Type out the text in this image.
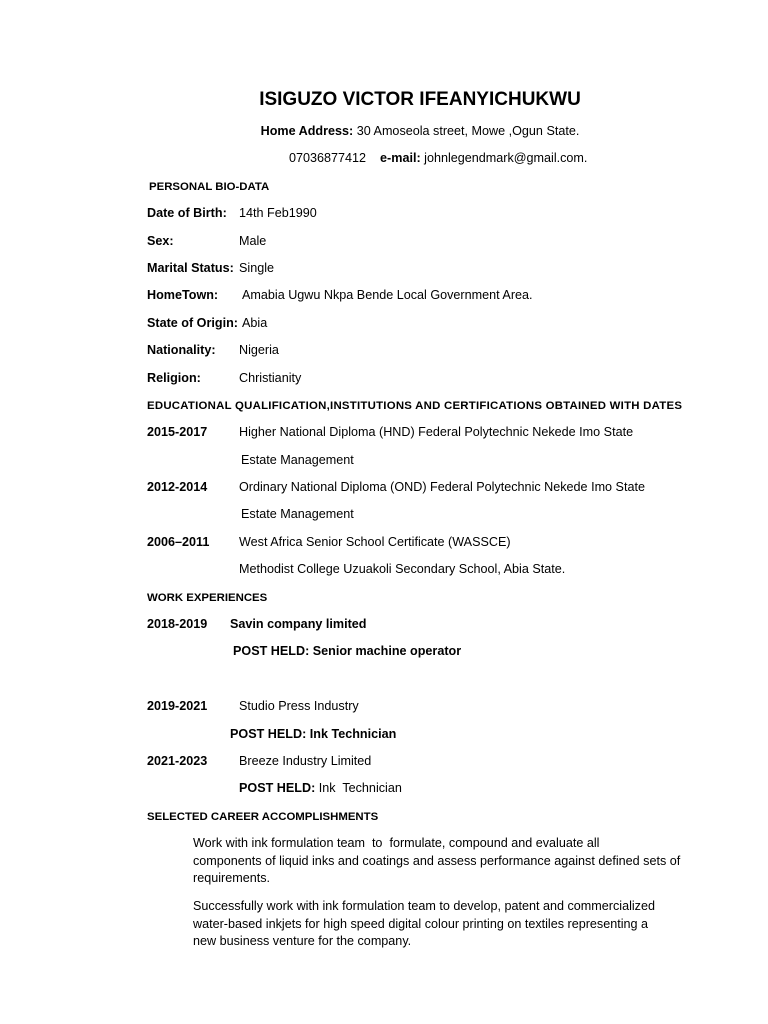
ISIGUZO VICTOR IFEANYICHUKWU
Home Address: 30 Amoseola street, Mowe ,Ogun State.
07036877412 e-mail: johnlegendmark@gmail.com.
PERSONAL BIO-DATA
Date of Birth: 14th Feb1990
Sex:	Male
Marital Status: Single
HomeTown: Amabia Ugwu Nkpa Bende Local Government Area.
State of Origin: Abia
Nationality: Nigeria
Religion:	Christianity
EDUCATIONAL QUALIFICATION,INSTITUTIONS AND CERTIFICATIONS OBTAINED WITH DATES
2015-2017	Higher National Diploma (HND) Federal Polytechnic Nekede Imo State
Estate Management
2012-2014	Ordinary National Diploma (OND) Federal Polytechnic Nekede Imo State
Estate Management
2006–2011 West Africa Senior School Certificate (WASSCE)
Methodist College Uzuakoli Secondary School, Abia State.
WORK EXPERIENCES
2018-2019 Savin company limited
POST HELD: Senior machine operator
2019-2021	Studio Press Industry
POST HELD: Ink Technician
2021-2023	Breeze Industry Limited
POST HELD: Ink  Technician
SELECTED CAREER ACCOMPLISHMENTS
Work with ink formulation team  to  formulate, compound and evaluate all
components of liquid inks and coatings and assess performance against defined sets of
requirements.
Successfully work with ink formulation team to develop, patent and commercialized
water-based inkjets for high speed digital colour printing on textiles representing a
new business venture for the company.
